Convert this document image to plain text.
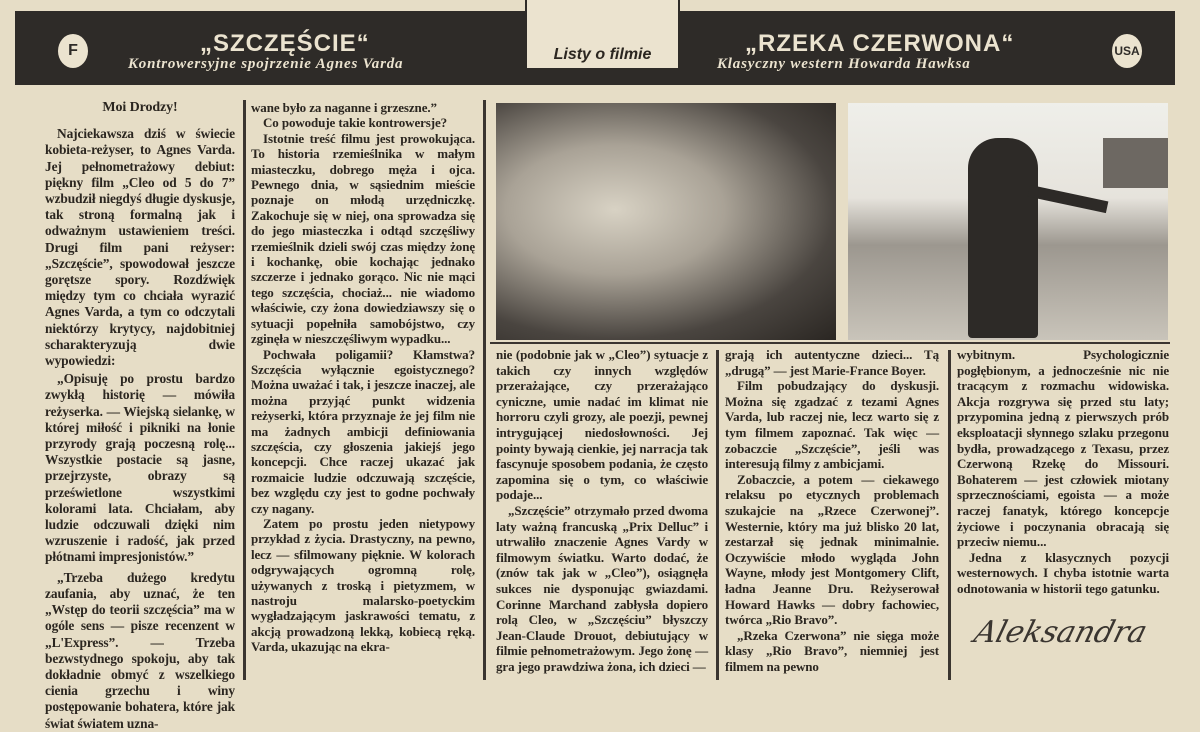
F	„SZCZĘŚCIE“
Kontrowersyjne spojrzenie Agnes Varda
Listy o filmie	„RZEKA CZERWONA“
Klasyczny western Howarda Hawksa
USA

Moi Drodzy!

Najciekawsza dziś w świecie kobieta-reżyser, to Agnes Varda. Jej pełnometrażowy debiut: piękny film „Cleo od 5 do 7” wzbudził niegdyś długie dyskusje, tak stroną formalną jak i odważnym ustawieniem treści. Drugi film pani reżyser: „Szczęście”, spowodował jeszcze gorętsze spory. Rozdźwięk między tym co chciała wyrazić Agnes Varda, a tym co odczytali niektórzy krytycy, najdobitniej scharakteryzują dwie wypowiedzi:

„Opisuję po prostu bardzo zwykłą historię — mówiła reżyserka. — Wiejską sielankę, w której miłość i pikniki na łonie przyrody grają poczesną rolę... Wszystkie postacie są jasne, przejrzyste, obrazy są prześwietlone wszystkimi kolorami lata. Chciałam, aby ludzie odczuwali dzięki nim wzruszenie i radość, jak przed płótnami impresjonistów.”

„Trzeba dużego kredytu zaufania, aby uznać, że ten „Wstęp do teorii szczęścia” ma w ogóle sens — pisze recenzent w „L'Express”. — Trzeba bezwstydnego spokoju, aby tak dokładnie obmyć z wszelkiego cienia grzechu i winy postępowanie bohatera, które jak świat światem uzna-

wane było za naganne i grzeszne.”

Co powoduje takie kontrowersje?

Istotnie treść filmu jest prowokująca. To historia rzemieślnika w małym miasteczku, dobrego męża i ojca. Pewnego dnia, w sąsiednim mieście poznaje on młodą urzędniczkę. Zakochuje się w niej, ona sprowadza się do jego miasteczka i odtąd szczęśliwy rzemieślnik dzieli swój czas między żonę i kochankę, obie kochając jednako szczerze i jednako gorąco. Nic nie mąci tego szczęścia, chociaż... nie wiadomo właściwie, czy żona dowiedziawszy się o sytuacji popełniła samobójstwo, czy zginęła w nieszczęśliwym wypadku...

Pochwała poligamii? Kłamstwa? Szczęścia wyłącznie egoistycznego? Można uważać i tak, i jeszcze inaczej, ale można przyjąć punkt widzenia reżyserki, która przyznaje że jej film nie ma żadnych ambicji definiowania szczęścia, czy głoszenia jakiejś jego koncepcji. Chce raczej ukazać jak rozmaicie ludzie odczuwają szczęście, bez względu czy jest to godne pochwały czy nagany.

Zatem po prostu jeden nietypowy przykład z życia. Drastyczny, na pewno, lecz — sfilmowany pięknie. W kolorach odgrywających ogromną rolę, używanych z troską i pietyzmem, w nastroju malarsko-poetyckim wygładzającym jaskrawości tematu, z akcją prowadzoną lekką, kobiecą ręką. Varda, ukazując na ekra-

nie (podobnie jak w „Cleo”) sytuacje z takich czy innych względów przerażające, czy przerażająco cyniczne, umie nadać im klimat nie horroru czyli grozy, ale poezji, pewnej intrygującej niedosłowności. Jej pointy bywają cienkie, jej narracja tak fascynuje sposobem podania, że często zapomina się o tym, co właściwie podaje...

„Szczęście” otrzymało przed dwoma laty ważną francuską „Prix Delluc” i utrwaliło znaczenie Agnes Vardy w filmowym światku. Warto dodać, że (znów tak jak w „Cleo”), osiągnęła sukces nie dysponując gwiazdami. Corinne Marchand zabłysła dopiero rolą Cleo, w „Szczęściu” błyszczy Jean-Claude Drouot, debiutujący w filmie pełnometrażowym. Jego żonę — gra jego prawdziwa żona, ich dzieci —

grają ich autentyczne dzieci... Tą „drugą” — jest Marie-France Boyer.

Film pobudzający do dyskusji. Można się zgadzać z tezami Agnes Varda, lub raczej nie, lecz warto się z tym filmem zapoznać. Tak więc — zobaczcie „Szczęście”, jeśli was interesują filmy z ambicjami.

Zobaczcie, a potem — ciekawego relaksu po etycznych problemach szukajcie na „Rzece Czerwonej”. Westernie, który ma już blisko 20 lat, zestarzał się jednak minimalnie. Oczywiście młodo wygląda John Wayne, młody jest Montgomery Clift, ładna Jeanne Dru. Reżyserował Howard Hawks — dobry fachowiec, twórca „Rio Bravo”.

„Rzeka Czerwona” nie sięga może klasy „Rio Bravo”, niemniej jest filmem na pewno

wybitnym. Psychologicznie pogłębionym, a jednocześnie nic nie tracącym z rozmachu widowiska. Akcja rozgrywa się przed stu laty; przypomina jedną z pierwszych prób eksploatacji słynnego szlaku przegonu bydła, prowadzącego z Texasu, przez Czerwoną Rzekę do Missouri. Bohaterem — jest człowiek miotany sprzecznościami, egoista — a może raczej fanatyk, którego koncepcje życiowe i poczynania obracają się przeciw niemu...

Jedna z klasycznych pozycji westernowych. I chyba istotnie warta odnotowania w historii tego gatunku.

Aleksandra
